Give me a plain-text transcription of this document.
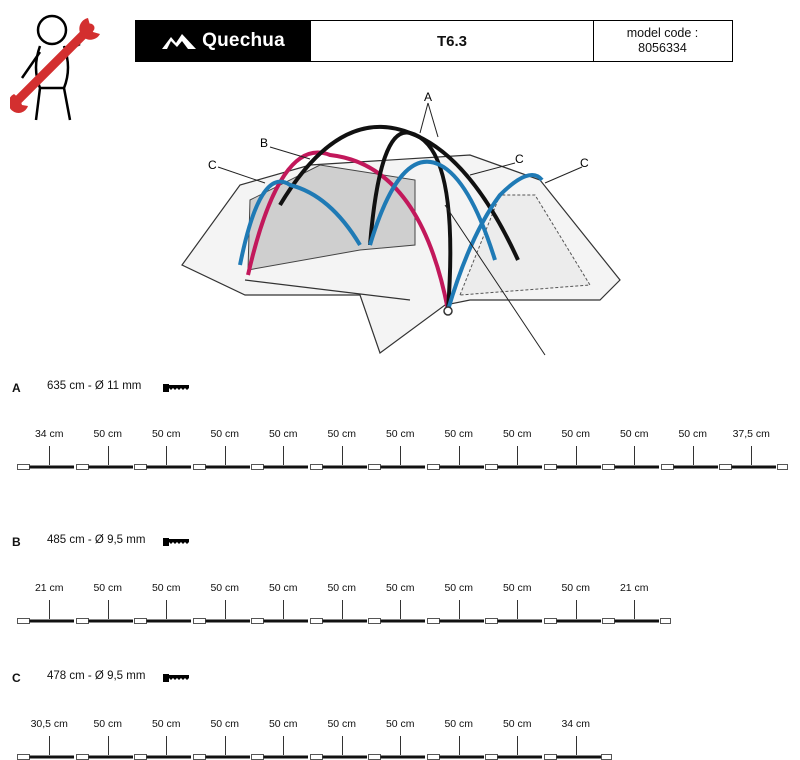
Quechua	T6.3	model code :
8056334
A
B
C	C	C
A 635 cm - Ø 11 mm
34 cm	50 cm	50 cm	50 cm	50 cm	50 cm	50 cm	50 cm	50 cm	50 cm	50 cm	50 cm 37,5 cm
B 485 cm - Ø 9,5 mm
21 cm	50 cm	50 cm	50 cm	50 cm	50 cm	50 cm	50 cm	50 cm	50 cm	21 cm
C 478 cm - Ø 9,5 mm
30,5 cm 50 cm	50 cm	50 cm	50 cm	50 cm	50 cm	50 cm	50 cm	34 cm
